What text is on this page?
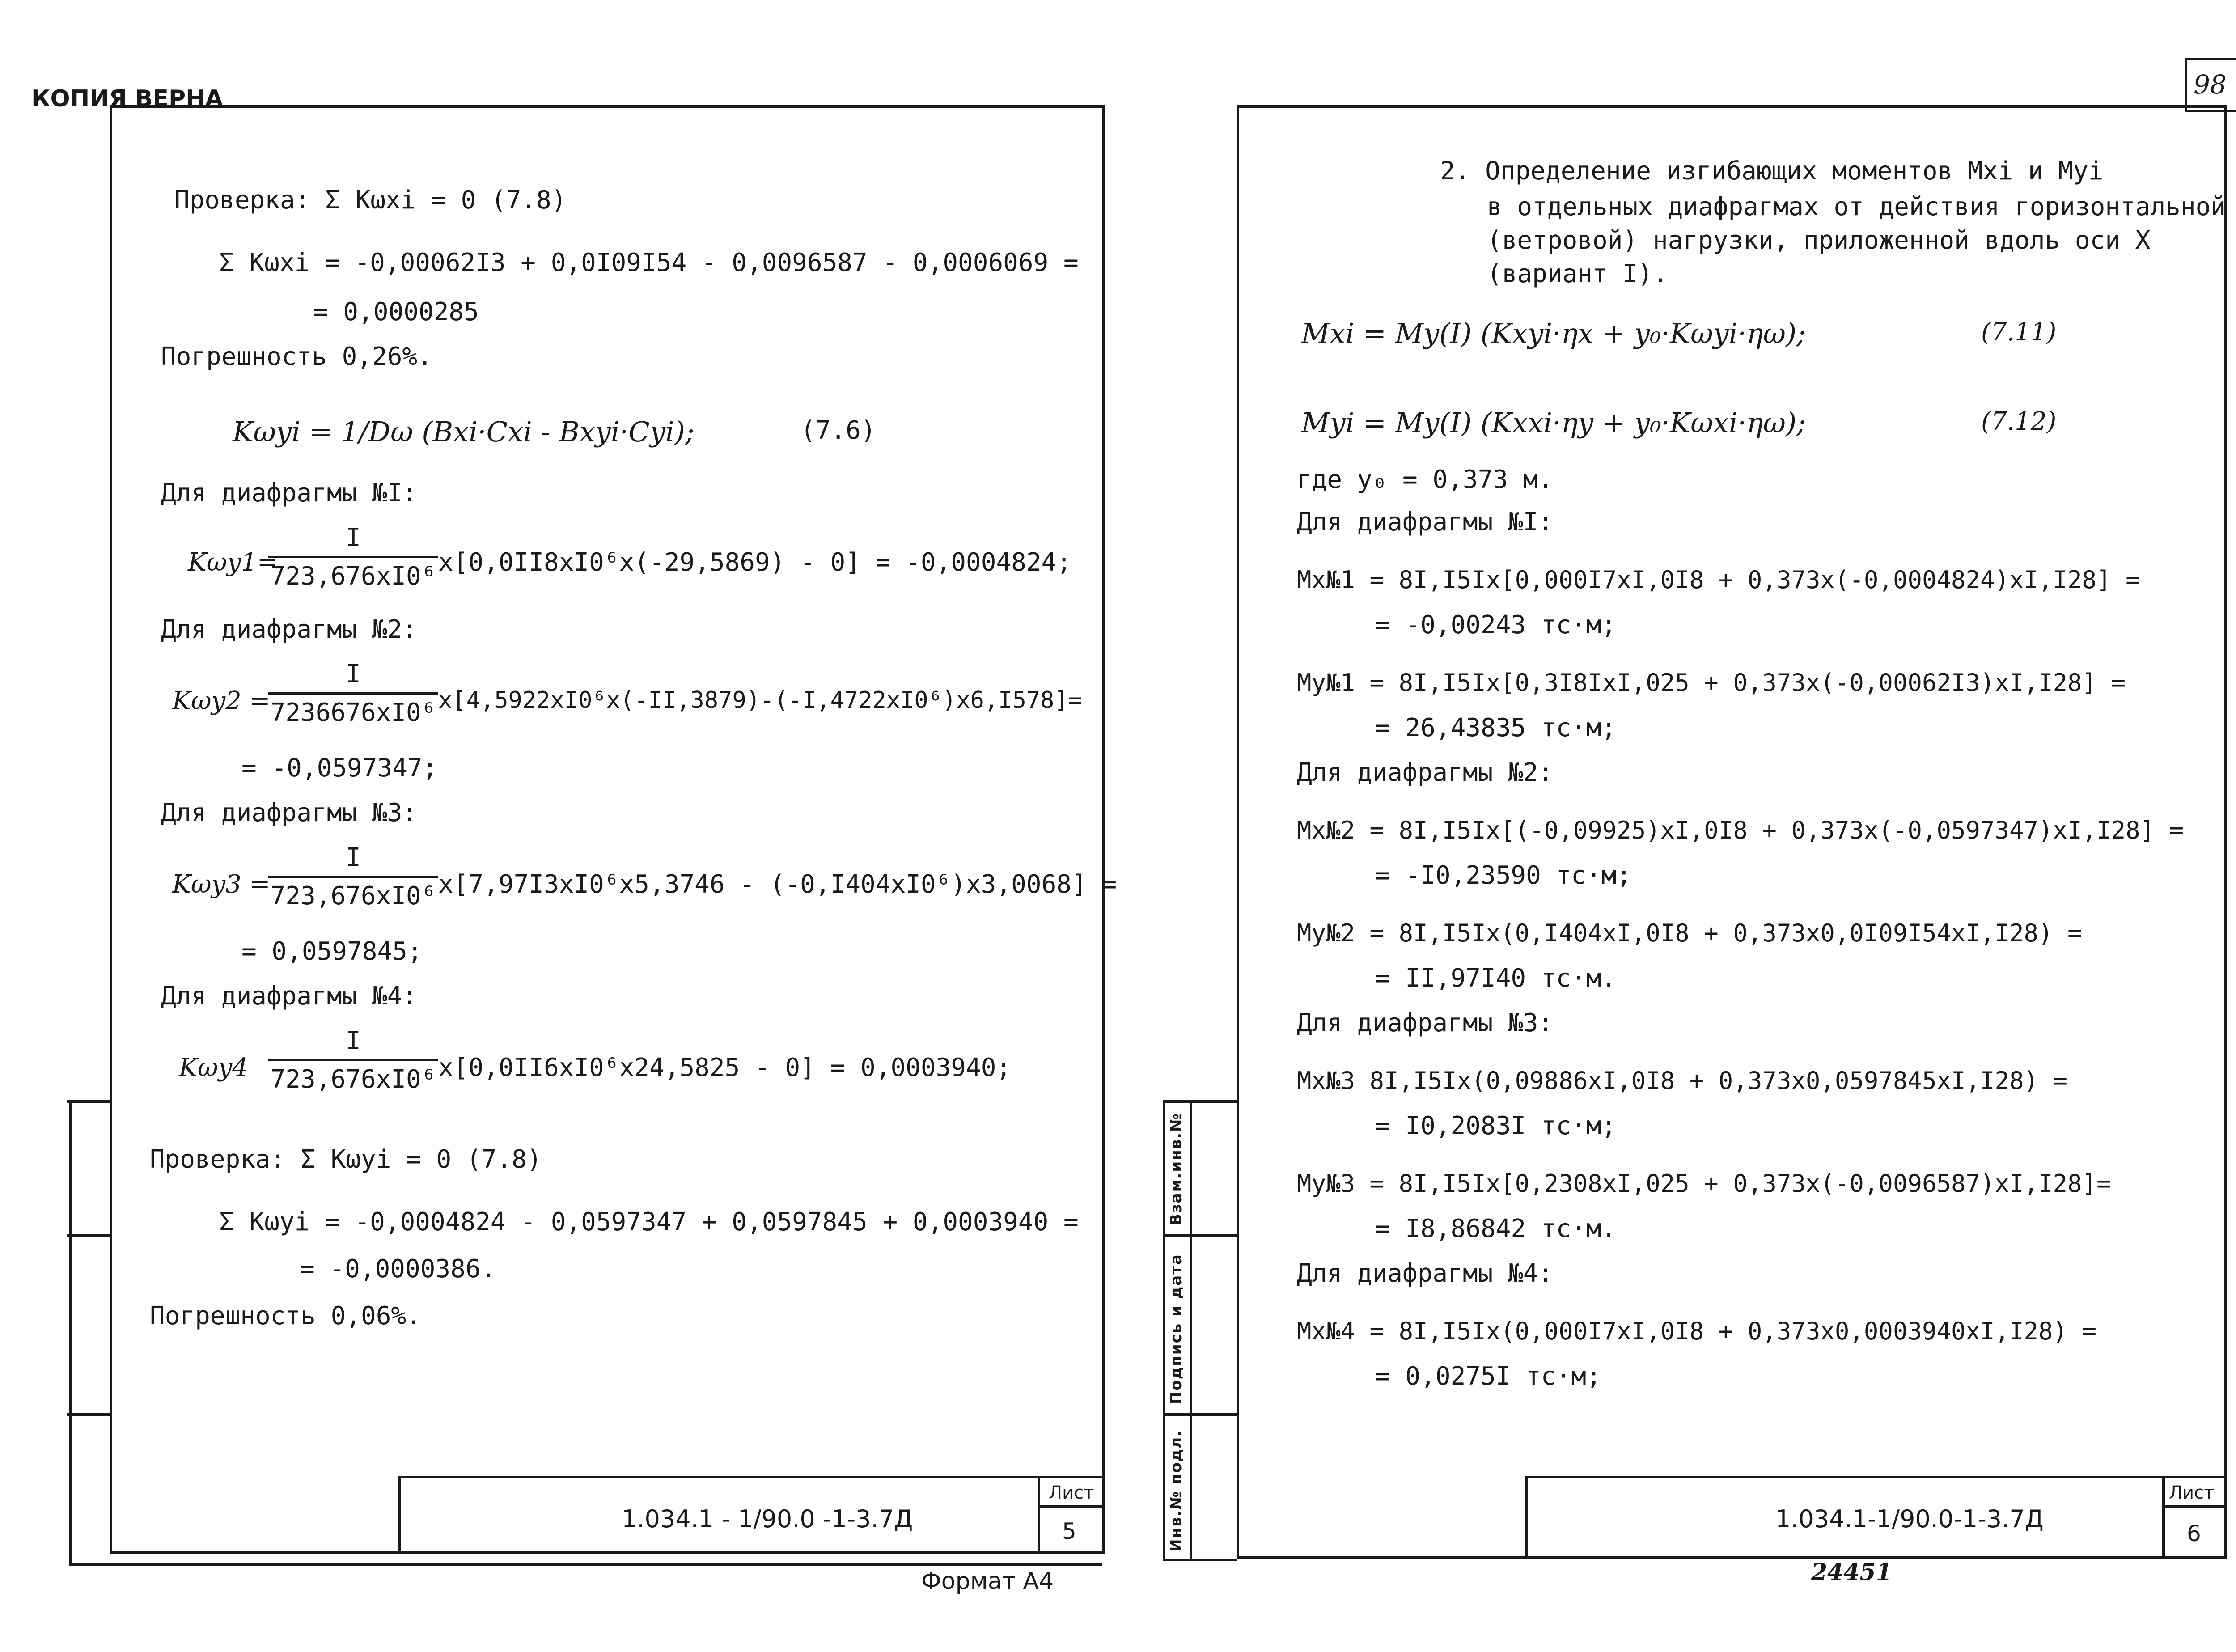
КОПИЯ ВЕРНА	98
Проверка: Σ Kωxi = 0 (7.8)
Σ Kωxi = -0,00062I3 + 0,0I09I54 - 0,0096587 - 0,0006069 =
= 0,0000285
Погрешность 0,26%.
Kωyi = 1/Dω (Bxi·Cxi - Bxyi·Cyi);	(7.6)
Для диафрагмы №I:
Kωy1=
I
723,676xI0⁶ x[0,0II8xI0⁶x(-29,5869) - 0] = -0,0004824;
Для диафрагмы №2:
Kωy2 =
I
7236676xI0⁶ x[4,5922xI0⁶x(-II,3879)-(-I,4722xI0⁶)x6,I578]=
= -0,0597347;
Для диафрагмы №3:
Kωy3 =
I
723,676xI0⁶ x[7,97I3xI0⁶x5,3746 - (-0,I404xI0⁶)x3,0068] =
= 0,0597845;
Для диафрагмы №4:
Kωy4
I
723,676xI0⁶ x[0,0II6xI0⁶x24,5825 - 0] = 0,0003940;
Проверка: Σ Kωyi = 0 (7.8)
Σ Kωyi = -0,0004824 - 0,0597347 + 0,0597845 + 0,0003940 =
= -0,0000386.
Погрешность 0,06%.
1.034.1 - 1/90.0 -1-3.7Д
Лист
5
Формат А4
Инв.№ подл.
Подпись и дата
Взам.инв.№
2. Определение изгибающих моментов Mxi и Myi
в отдельных диафрагмах от действия горизонтальной
(ветровой) нагрузки, приложенной вдоль оси X
(вариант I).
Mxi = My(I) (Kxyi·ηx + y₀·Kωyi·ηω);	(7.11)
Myi = My(I) (Kxxi·ηy + y₀·Kωxi·ηω);	(7.12)
где y₀ = 0,373 м.
Для диафрагмы №I:
Mx№1 = 8I,I5Ix[0,000I7xI,0I8 + 0,373x(-0,0004824)xI,I28] =
= -0,00243 тс·м;
My№1 = 8I,I5Ix[0,3I8IxI,025 + 0,373x(-0,00062I3)xI,I28] =
= 26,43835 тс·м;
Для диафрагмы №2:
Mx№2 = 8I,I5Ix[(-0,09925)xI,0I8 + 0,373x(-0,0597347)xI,I28] =
= -I0,23590 тс·м;
My№2 = 8I,I5Ix(0,I404xI,0I8 + 0,373x0,0I09I54xI,I28) =
= II,97I40 тс·м.
Для диафрагмы №3:
Mx№3 8I,I5Ix(0,09886xI,0I8 + 0,373x0,0597845xI,I28) =
= I0,2083I тс·м;
My№3 = 8I,I5Ix[0,2308xI,025 + 0,373x(-0,0096587)xI,I28]=
= I8,86842 тс·м.
Для диафрагмы №4:
Mx№4 = 8I,I5Ix(0,000I7xI,0I8 + 0,373x0,0003940xI,I28) =
= 0,0275I тс·м;
1.034.1-1/90.0-1-3.7Д
Лист
6
24451
